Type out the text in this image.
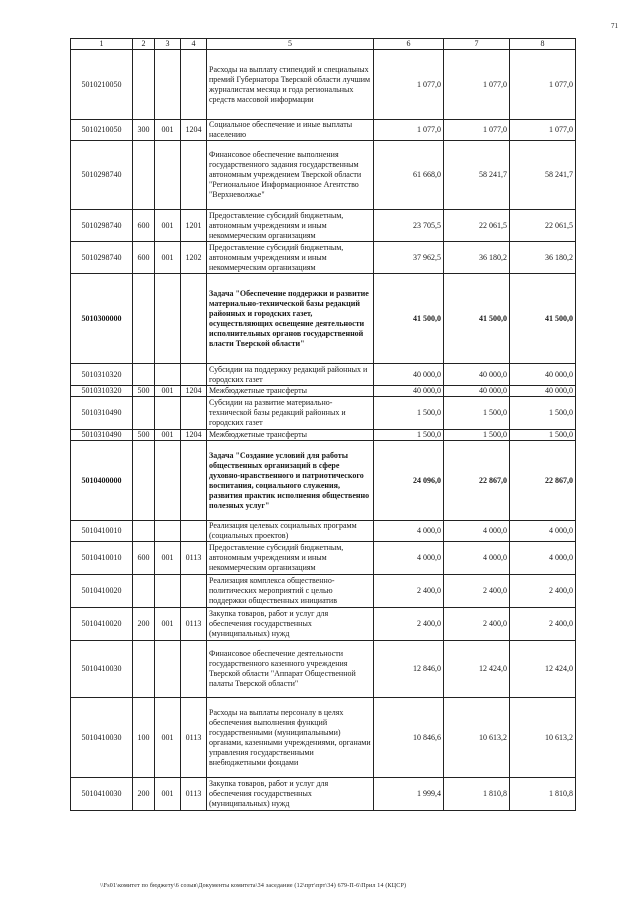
71
1	2	3	4	5	6	7	8
5010210050				Расходы на выплату стипендий и специальных премий Губернатора Тверской области лучшим журналистам месяца и года региональных средств массовой информации	1 077,0	1 077,0	1 077,0
5010210050	300	001	1204	Социальное обеспечение и иные выплаты населению	1 077,0	1 077,0	1 077,0
5010298740				Финансовое обеспечение выполнения государственного задания государственным автономным учреждением Тверской области "Региональное Информационное Агентство "Верхневолжье"	61 668,0	58 241,7	58 241,7
5010298740	600	001	1201	Предоставление субсидий бюджетным, автономным учреждениям и иным некоммерческим организациям	23 705,5	22 061,5	22 061,5
5010298740	600	001	1202	Предоставление субсидий бюджетным, автономным учреждениям и иным некоммерческим организациям	37 962,5	36 180,2	36 180,2
5010300000				Задача "Обеспечение поддержки и развитие материально-технической базы редакций районных и городских газет, осуществляющих освещение деятельности исполнительных органов государственной власти Тверской области"	41 500,0	41 500,0	41 500,0
5010310320				Субсидии на поддержку редакций районных и городских газет	40 000,0	40 000,0	40 000,0
5010310320	500	001	1204	Межбюджетные трансферты	40 000,0	40 000,0	40 000,0
5010310490				Субсидии на развитие материально-технической базы редакций районных и городских газет	1 500,0	1 500,0	1 500,0
5010310490	500	001	1204	Межбюджетные трансферты	1 500,0	1 500,0	1 500,0
5010400000				Задача "Создание условий для работы общественных организаций в сфере духовно-нравственного и патриотического воспитания, социального служения, развития практик исполнения общественно полезных услуг"	24 096,0	22 867,0	22 867,0
5010410010				Реализация целевых социальных программ (социальных проектов)	4 000,0	4 000,0	4 000,0
5010410010	600	001	0113	Предоставление субсидий бюджетным, автономным учреждениям и иным некоммерческим организациям	4 000,0	4 000,0	4 000,0
5010410020				Реализация комплекса общественно-политических мероприятий с целью поддержки общественных инициатив	2 400,0	2 400,0	2 400,0
5010410020	200	001	0113	Закупка товаров, работ и услуг для обеспечения государственных (муниципальных) нужд	2 400,0	2 400,0	2 400,0
5010410030				Финансовое обеспечение деятельности государственного казенного учреждения Тверской области "Аппарат Общественной палаты Тверской области"	12 846,0	12 424,0	12 424,0
5010410030	100	001	0113	Расходы на выплаты персоналу в целях обеспечения выполнения функций государственными (муниципальными) органами, казенными учреждениями, органами управления государственными внебюджетными фондами	10 846,6	10 613,2	10 613,2
5010410030	200	001	0113	Закупка товаров, работ и услуг для обеспечения государственных (муниципальных) нужд	1 999,4	1 810,8	1 810,8
\\Fs01\комитет по бюджету\6 созыв\Документы комитета\34 заседание (12\прт\прт\34) 679-П-6\Прил 14 (КЦСР)
